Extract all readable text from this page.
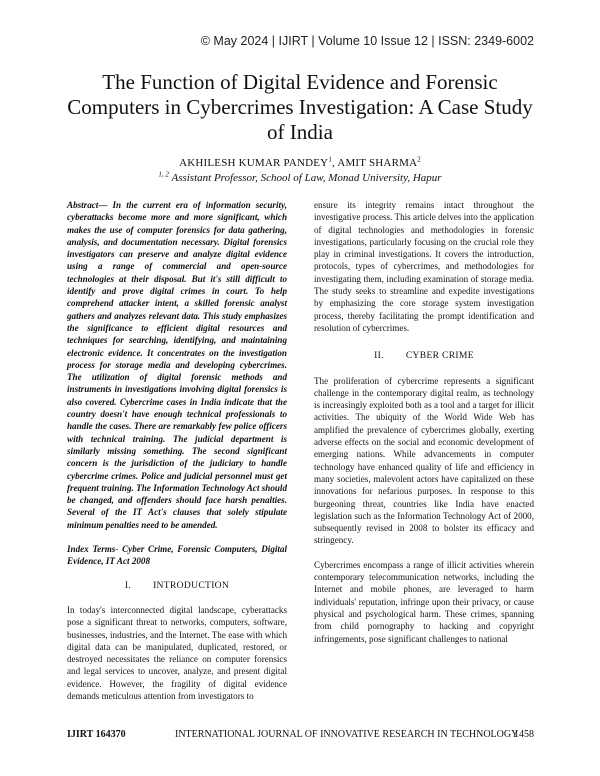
© May 2024 | IJIRT | Volume 10 Issue 12 | ISSN: 2349-6002
The Function of Digital Evidence and Forensic Computers in Cybercrimes Investigation: A Case Study of India
AKHILESH KUMAR PANDEY$^1$, AMIT SHARMA$^2$
$^{1, 2}$ Assistant Professor, School of Law, Monad University, Hapur

Abstract— In the current era of information security, cyberattacks become more and more significant, which makes the use of computer forensics for data gathering, analysis, and documentation necessary. Digital forensics investigators can preserve and analyze digital evidence using a range of commercial and open-source technologies at their disposal. But it's still difficult to identify and prove digital crimes in court. To help comprehend attacker intent, a skilled forensic analyst gathers and analyzes relevant data. This study emphasizes the significance to efficient digital resources and techniques for searching, identifying, and maintaining electronic evidence. It concentrates on the investigation process for storage media and developing cybercrimes. The utilization of digital forensic methods and instruments in investigations involving digital forensics is also covered. Cybercrime cases in India indicate that the country doesn't have enough technical professionals to handle the cases. There are remarkably few police officers with technical training. The judicial department is similarly missing something. The second significant concern is the jurisdiction of the judiciary to handle cybercrime crimes. Police and judicial personnel must get frequent training. The Information Technology Act should be changed, and offenders should face harsh penalties. Several of the IT Act's clauses that solely stipulate minimum penalties need to be amended.

Index Terms- Cyber Crime, Forensic Computers, Digital Evidence, IT Act 2008

I. INTRODUCTION

In today's interconnected digital landscape, cyberattacks pose a significant threat to networks, computers, software, businesses, industries, and the Internet. The ease with which digital data can be manipulated, duplicated, restored, or destroyed necessitates the reliance on computer forensics and legal services to uncover, analyze, and present digital evidence. However, the fragility of digital evidence demands meticulous attention from investigators to

ensure its integrity remains intact throughout the investigative process. This article delves into the application of digital technologies and methodologies in forensic investigations, particularly focusing on the crucial role they play in criminal investigations. It covers the introduction, protocols, types of cybercrimes, and methodologies for investigating them, including examination of storage media. The study seeks to streamline and expedite investigations by emphasizing the core storage system investigation process, thereby facilitating the prompt identification and resolution of cybercrimes.

II. CYBER CRIME

The proliferation of cybercrime represents a significant challenge in the contemporary digital realm, as technology is increasingly exploited both as a tool and a target for illicit activities. The ubiquity of the World Wide Web has amplified the prevalence of cybercrimes globally, exerting adverse effects on the social and economic development of emerging nations. While advancements in computer technology have enhanced quality of life and efficiency in many societies, malevolent actors have capitalized on these innovations for nefarious purposes. In response to this burgeoning threat, countries like India have enacted legislation such as the Information Technology Act of 2000, subsequently revised in 2008 to bolster its efficacy and stringency.

Cybercrimes encompass a range of illicit activities wherein contemporary telecommunication networks, including the Internet and mobile phones, are leveraged to harm individuals' reputation, infringe upon their privacy, or cause physical and psychological harm. These crimes, spanning from child pornography to hacking and copyright infringements, pose significant challenges to national

IJIRT 164370	INTERNATIONAL JOURNAL OF INNOVATIVE RESEARCH IN TECHNOLOGY
1458
